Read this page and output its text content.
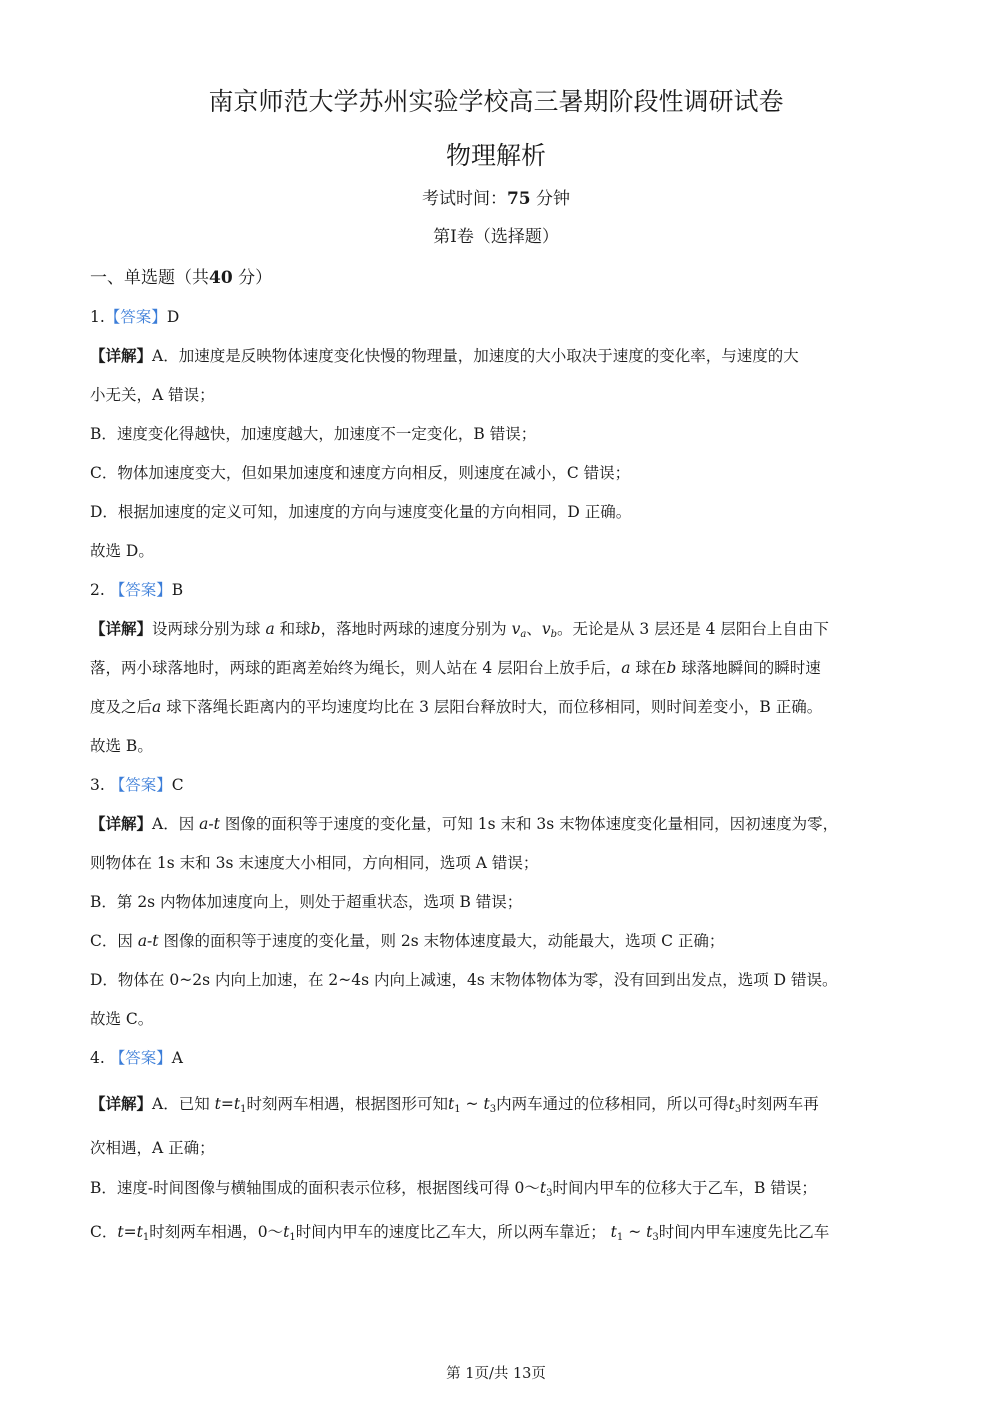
南京师范大学苏州实验学校高三暑期阶段性调研试卷
物理解析
考试时间：75 分钟
第Ⅰ卷（选择题）
一、单选题（共40 分）
1.【答案】D
【详解】A．加速度是反映物体速度变化快慢的物理量，加速度的大小取决于速度的变化率，与速度的大
小无关，A 错误；
B．速度变化得越快，加速度越大，加速度不一定变化，B 错误；
C．物体加速度变大，但如果加速度和速度方向相反，则速度在减小，C 错误；
D．根据加速度的定义可知，加速度的方向与速度变化量的方向相同，D 正确。
故选 D。
2. 【答案】B
【详解】设两球分别为球 a 和球b，落地时两球的速度分别为 $v_a$、$v_b$。无论是从 3 层还是 4 层阳台上自由下
落，两小球落地时，两球的距离差始终为绳长，则人站在 4 层阳台上放手后，a 球在b 球落地瞬间的瞬时速
度及之后a 球下落绳长距离内的平均速度均比在 3 层阳台释放时大，而位移相同，则时间差变小，B 正确。
故选 B。
3. 【答案】C
【详解】A．因 a-t 图像的面积等于速度的变化量，可知 1s 末和 3s 末物体速度变化量相同，因初速度为零，
则物体在 1s 末和 3s 末速度大小相同，方向相同，选项 A 错误；
B．第 2s 内物体加速度向上，则处于超重状态，选项 B 错误；
C．因 a-t 图像的面积等于速度的变化量，则 2s 末物体速度最大，动能最大，选项 C 正确；
D．物体在 0~2s 内向上加速，在 2~4s 内向上减速，4s 末物体物体为零，没有回到出发点，选项 D 错误。
故选 C。
4. 【答案】A
【详解】A．已知 $t=t_1$时刻两车相遇，根据图形可知$t_1$ ~ $t_3$内两车通过的位移相同，所以可得$t_3$时刻两车再
次相遇，A 正确；
B．速度-时间图像与横轴围成的面积表示位移，根据图线可得 $0\sim t_3$时间内甲车的位移大于乙车，B 错误；
C．$t=t_1$时刻两车相遇，$0\sim t_1$时间内甲车的速度比乙车大，所以两车靠近； $t_1$ ~ $t_3$时间内甲车速度先比乙车
第 1页/共 13页
